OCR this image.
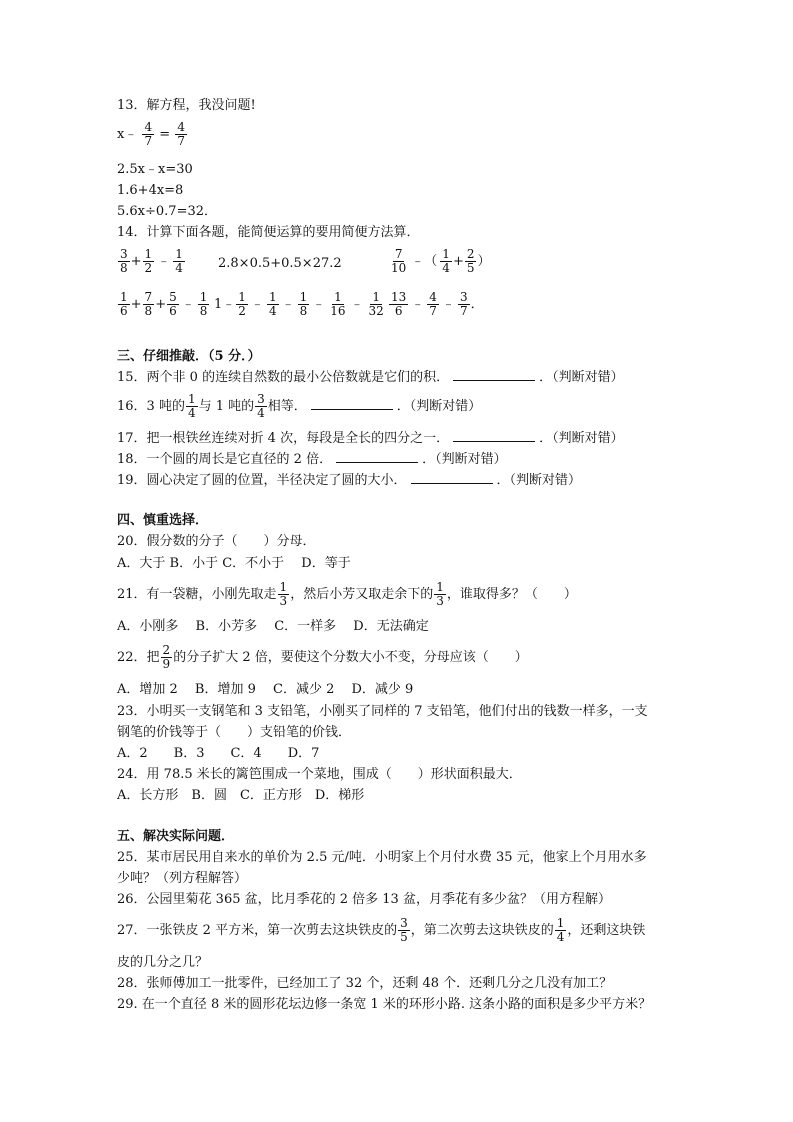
13．解方程，我没问题!
x﹣ $\frac{4}{7} = \frac{4}{7}$
2.5x﹣x=30
1.6+4x=8
5.6x÷0.7=32．
14．计算下面各题，能简便运算的要用简便方法算．
$\frac{3}{8} + \frac{1}{2}$ ﹣ $\frac{1}{4}$	2.8×0.5+0.5×27.2	$\frac{7}{10}$ ﹣（ $\frac{1}{4} + \frac{2}{5}$ ）
$\frac{1}{6} + \frac{7}{8} + \frac{5}{6}$ ﹣ $\frac{1}{8}$ 1﹣ $\frac{1}{2}$ ﹣ $\frac{1}{4}$ ﹣ $\frac{1}{8}$ ﹣ $\frac{1}{16}$ ﹣ $\frac{1}{32} \frac{13}{6}$ ﹣ $\frac{4}{7}$ ﹣ $\frac{3}{7}$ ．
三、仔细推敲．（5 分．）
15．两个非 0 的连续自然数的最小公倍数就是它们的积．	．（判断对错）
16．3 吨的 $\frac{1}{4}$ 与 1 吨的 $\frac{3}{4}$ 相等．	．（判断对错）
17．把一根铁丝连续对折 4 次，每段是全长的四分之一．	．（判断对错）
18．一个圆的周长是它直径的 2 倍．	．（判断对错）
19．圆心决定了圆的位置，半径决定了圆的大小．	．（判断对错）
四、慎重选择．
20．假分数的分子（　　）分母．
A．大于 B．小于 C．不小于　 D．等于
21．有一袋糖，小刚先取走 $\frac{1}{3}$ ，然后小芳又取走余下的 $\frac{1}{3}$ ，谁取得多？（　　）
A．小刚多　 B．小芳多　 C．一样多　 D．无法确定
22．把 $\frac{2}{9}$ 的分子扩大 2 倍，要使这个分数大小不变，分母应该（　　）
A．增加 2　 B．增加 9　 C．减少 2　 D．减少 9
23．小明买一支钢笔和 3 支铅笔，小刚买了同样的 7 支铅笔，他们付出的钱数一样多，一支
钢笔的价钱等于（　　）支铅笔的价钱．
A．2　　B．3　　C．4　　D．7
24．用 78.5 米长的篱笆围成一个菜地，围成（　　）形状面积最大．
A．长方形　B．圆　C．正方形　D．梯形
五、解决实际问题．
25．某市居民用自来水的单价为 2.5 元/吨．小明家上个月付水费 35 元，他家上个月用水多
少吨？（列方程解答）
26．公园里菊花 365 盆，比月季花的 2 倍多 13 盆，月季花有多少盆？（用方程解）
27．一张铁皮 2 平方米，第一次剪去这块铁皮的 $\frac{3}{5}$ ，第二次剪去这块铁皮的 $\frac{1}{4}$ ，还剩这块铁
皮的几分之几？
28．张师傅加工一批零件，已经加工了 32 个，还剩 48 个．还剩几分之几没有加工？
29. 在一个直径 8 米的圆形花坛边修一条宽 1 米的环形小路. 这条小路的面积是多少平方米？
